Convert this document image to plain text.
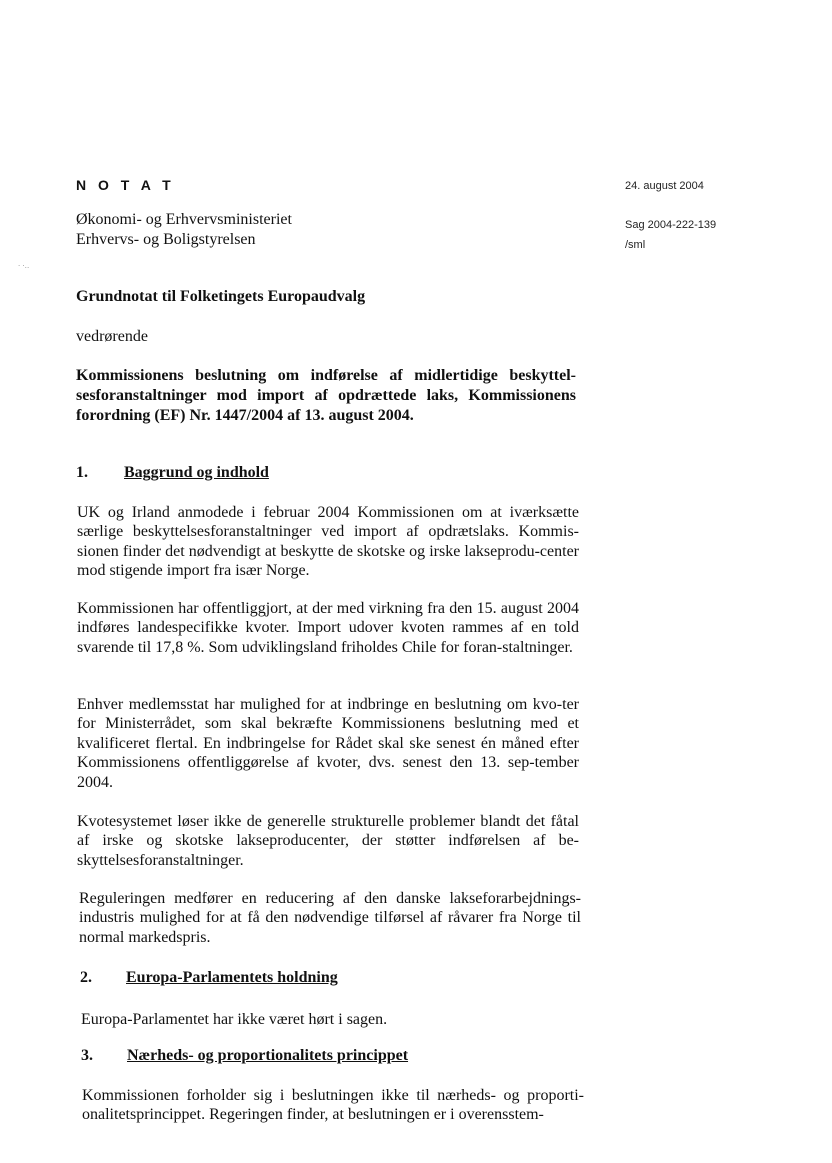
· ·‥
N O T A T	24. august 2004
Sag 2004-222-139
/sml
Økonomi- og Erhvervsministeriet
Erhvervs- og Boligstyrelsen
Grundnotat til Folketingets Europaudvalg
vedrørende
Kommissionens beslutning om indførelse af midlertidige beskyttel-sesforanstaltninger mod import af opdrættede laks, Kommissionens forordning (EF) Nr. 1447/2004 af 13. august 2004.
1. Baggrund og indhold
UK og Irland anmodede i februar 2004 Kommissionen om at iværksætte særlige beskyttelsesforanstaltninger ved import af opdrætslaks. Kommis-sionen finder det nødvendigt at beskytte de skotske og irske lakseprodu-center mod stigende import fra især Norge.
Kommissionen har offentliggjort, at der med virkning fra den 15. august 2004 indføres landespecifikke kvoter. Import udover kvoten rammes af en told svarende til 17,8 %. Som udviklingsland friholdes Chile for foran-staltninger.
Enhver medlemsstat har mulighed for at indbringe en beslutning om kvo-ter for Ministerrådet, som skal bekræfte Kommissionens beslutning med et kvalificeret flertal. En indbringelse for Rådet skal ske senest én måned efter Kommissionens offentliggørelse af kvoter, dvs. senest den 13. sep-tember 2004.
Kvotesystemet løser ikke de generelle strukturelle problemer blandt det fåtal af irske og skotske lakseproducenter, der støtter indførelsen af be-skyttelsesforanstaltninger.
Reguleringen medfører en reducering af den danske lakseforarbejdnings-industris mulighed for at få den nødvendige tilførsel af råvarer fra Norge til normal markedspris.
2. Europa-Parlamentets holdning
Europa-Parlamentet har ikke været hørt i sagen.
3. Nærheds- og proportionalitets princippet
Kommissionen forholder sig i beslutningen ikke til nærheds- og proporti-onalitetsprincippet. Regeringen finder, at beslutningen er i overensstem-
